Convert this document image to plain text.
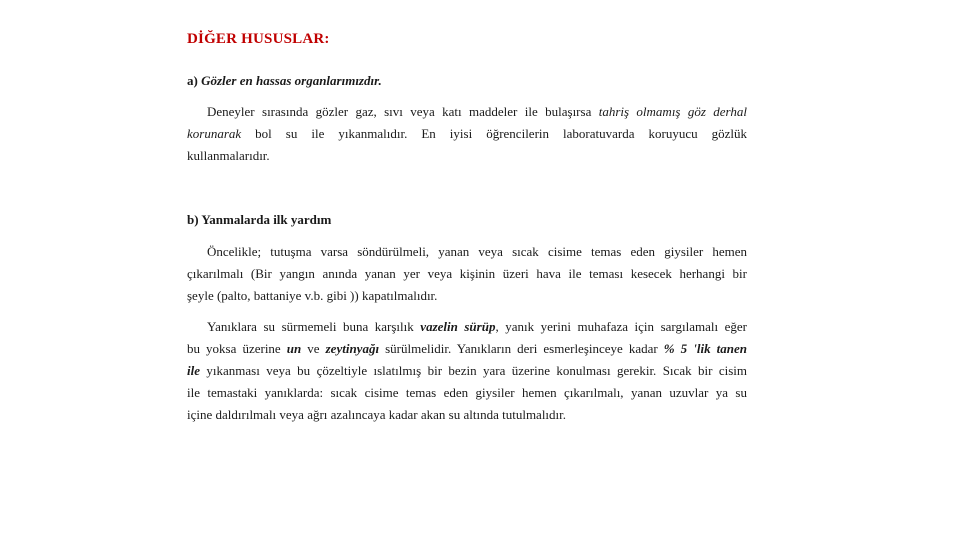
DİĞER HUSUSLAR:
a) Gözler en hassas organlarımızdır.
Deneyler sırasında gözler gaz, sıvı veya katı maddeler ile bulaşırsa tahriş olmamış göz derhal
korunarak bol su ile yıkanmalıdır. En iyisi öğrencilerin laboratuvarda koruyucu gözlük
kullanmalarıdır.
b) Yanmalarda ilk yardım
Öncelikle; tutuşma varsa söndürülmeli, yanan veya sıcak cisime temas eden giysiler hemen
çıkarılmalı (Bir yangın anında yanan yer veya kişinin üzeri hava ile teması kesecek herhangi bir
şeyle (palto, battaniye v.b. gibi )) kapatılmalıdır.
Yanıklara su sürmemeli buna karşılık vazelin sürüp, yanık yerini muhafaza için sargılamalı eğer
bu yoksa üzerine un ve zeytinyağı sürülmelidir. Yanıkların deri esmerleşinceye kadar % 5 'lik tanen
ile yıkanması veya bu çözeltiyle ıslatılmış bir bezin yara üzerine konulması gerekir. Sıcak bir cisim
ile temastaki yanıklarda: sıcak cisime temas eden giysiler hemen çıkarılmalı, yanan uzuvlar ya su
içine daldırılmalı veya ağrı azalıncaya kadar akan su altında tutulmalıdır.
